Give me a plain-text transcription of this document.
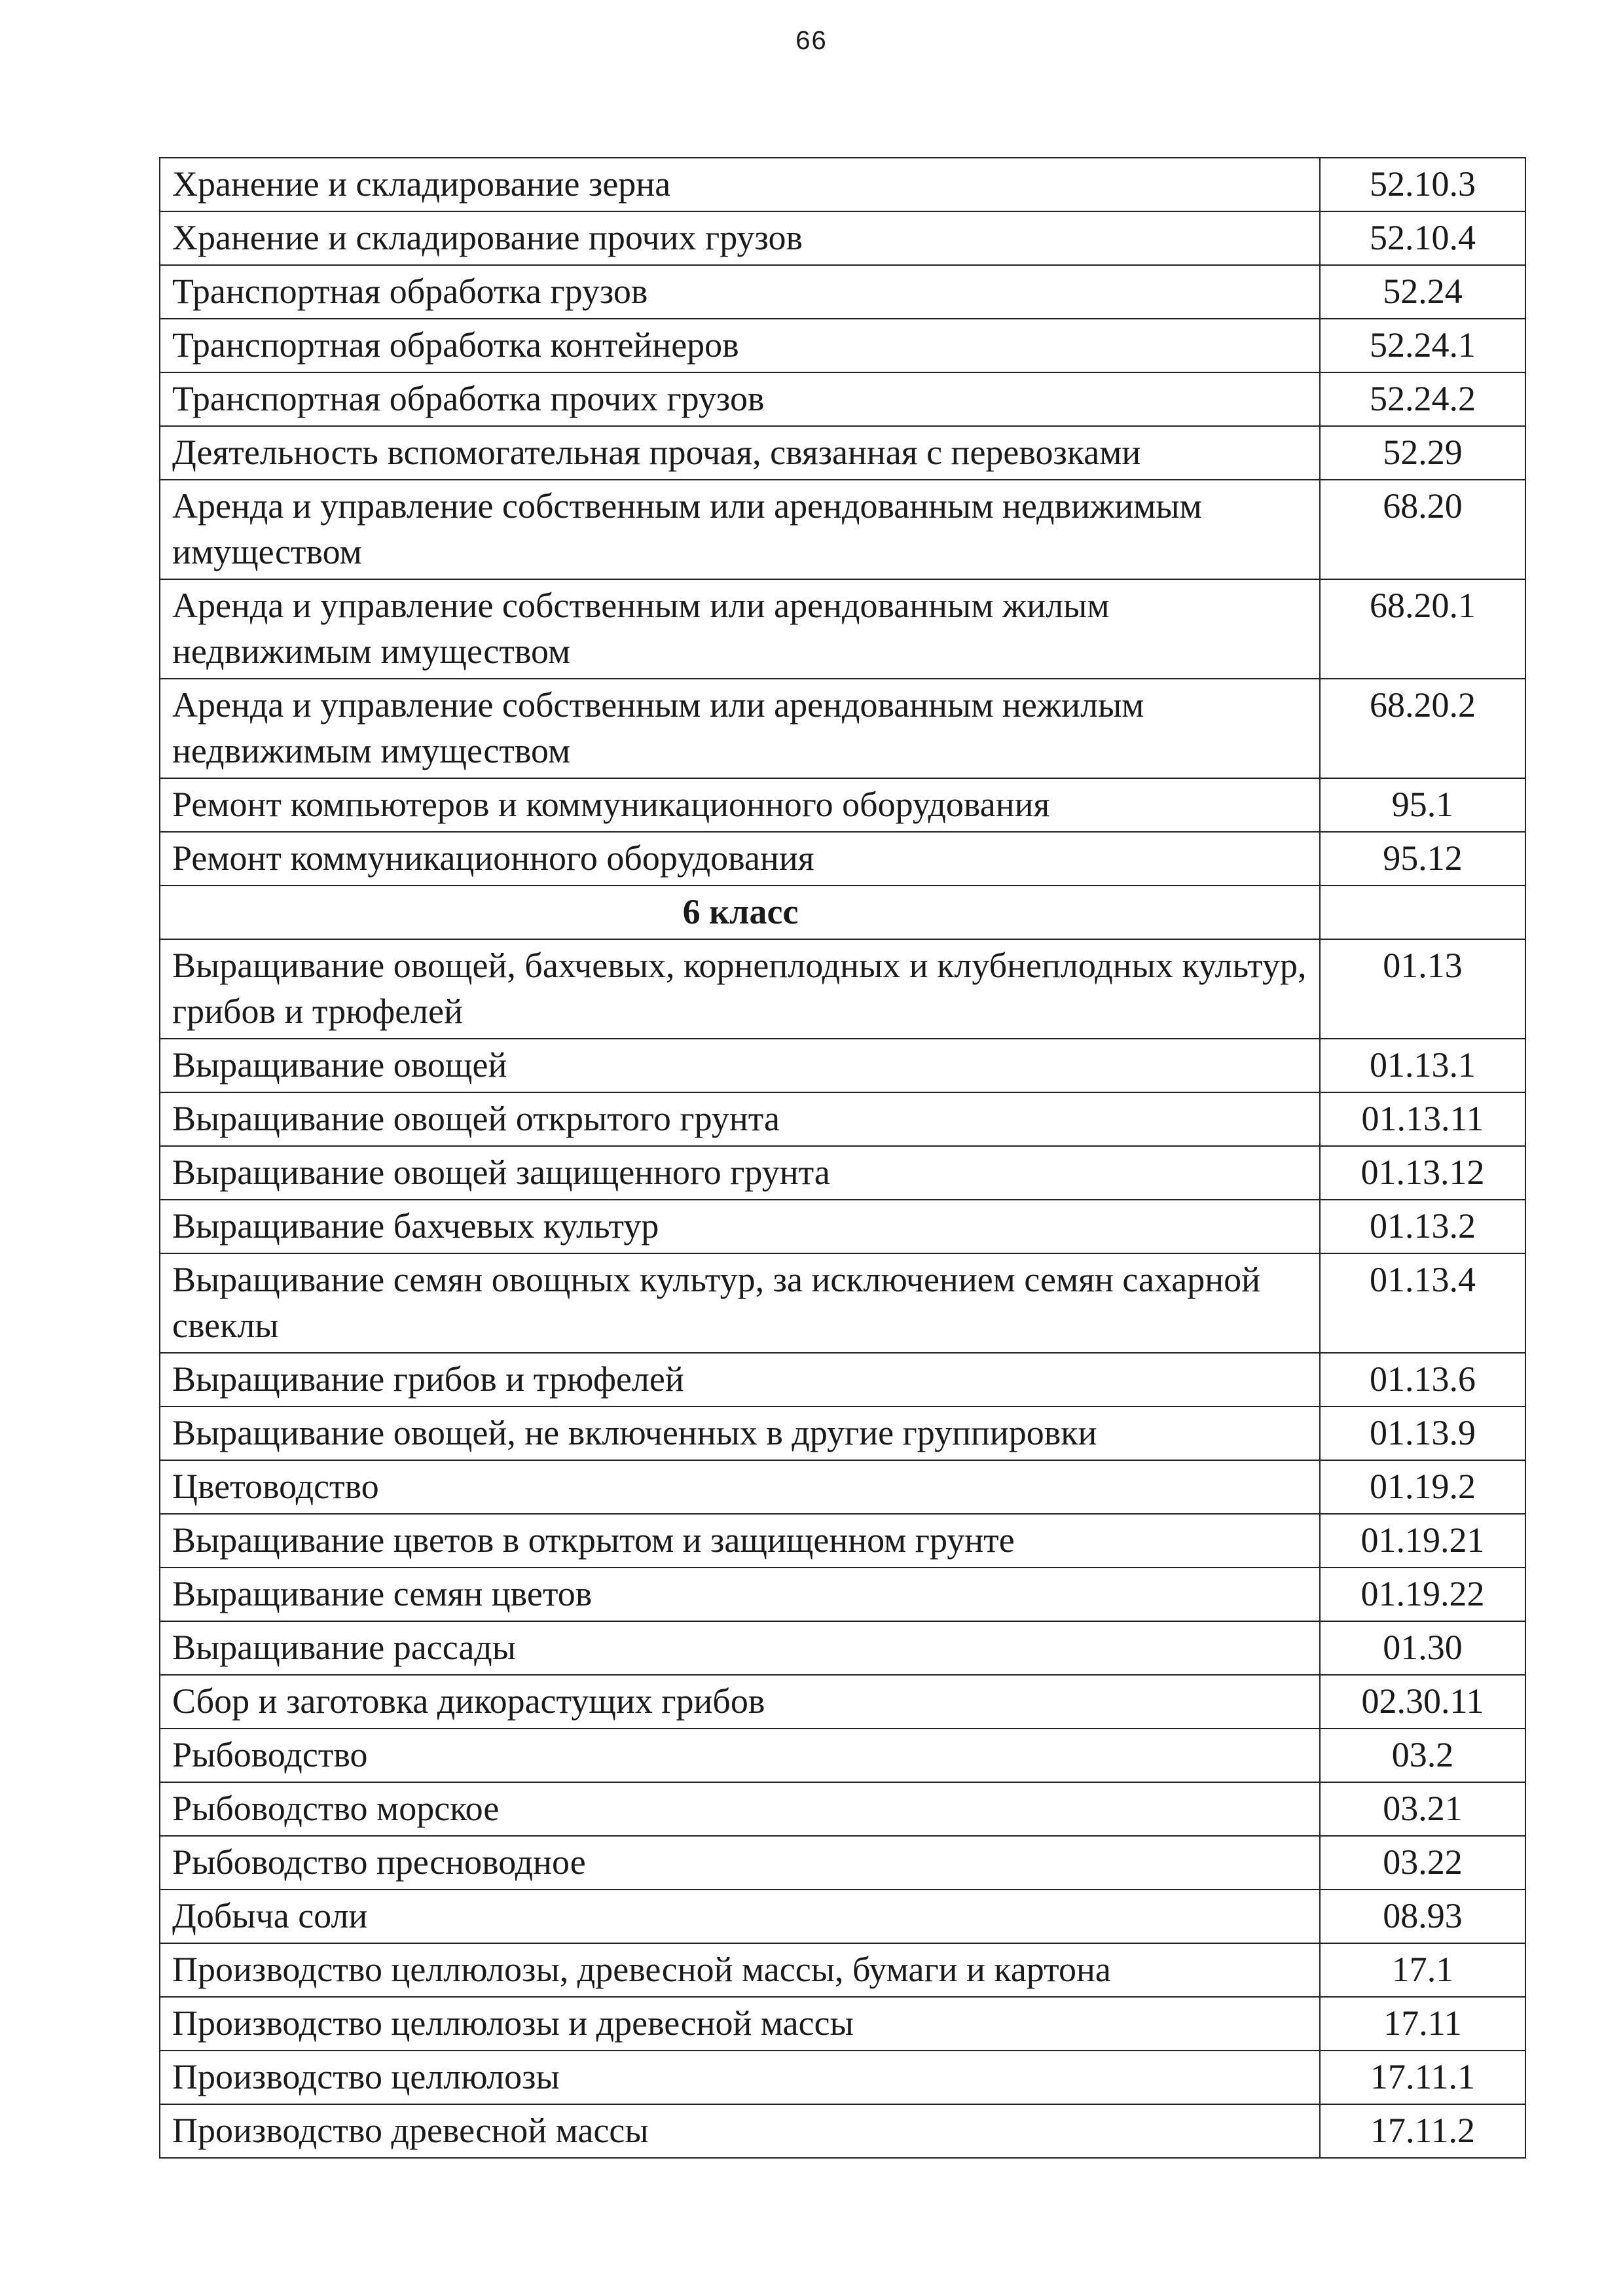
66
Хранение и складирование зерна	52.10.3
Хранение и складирование прочих грузов	52.10.4
Транспортная обработка грузов	52.24
Транспортная обработка контейнеров	52.24.1
Транспортная обработка прочих грузов	52.24.2
Деятельность вспомогательная прочая, связанная с перевозками	52.29
Аренда и управление собственным или арендованным недвижимым имуществом	68.20
Аренда и управление собственным или арендованным жилым недвижимым имуществом	68.20.1
Аренда и управление собственным или арендованным нежилым недвижимым имуществом	68.20.2
Ремонт компьютеров и коммуникационного оборудования	95.1
Ремонт коммуникационного оборудования	95.12
6 класс	
Выращивание овощей, бахчевых, корнеплодных и клубнеплодных культур, грибов и трюфелей	01.13
Выращивание овощей	01.13.1
Выращивание овощей открытого грунта	01.13.11
Выращивание овощей защищенного грунта	01.13.12
Выращивание бахчевых культур	01.13.2
Выращивание семян овощных культур, за исключением семян сахарной свеклы	01.13.4
Выращивание грибов и трюфелей	01.13.6
Выращивание овощей, не включенных в другие группировки	01.13.9
Цветоводство	01.19.2
Выращивание цветов в открытом и защищенном грунте	01.19.21
Выращивание семян цветов	01.19.22
Выращивание рассады	01.30
Сбор и заготовка дикорастущих грибов	02.30.11
Рыбоводство	03.2
Рыбоводство морское	03.21
Рыбоводство пресноводное	03.22
Добыча соли	08.93
Производство целлюлозы, древесной массы, бумаги и картона	17.1
Производство целлюлозы и древесной массы	17.11
Производство целлюлозы	17.11.1
Производство древесной массы	17.11.2
